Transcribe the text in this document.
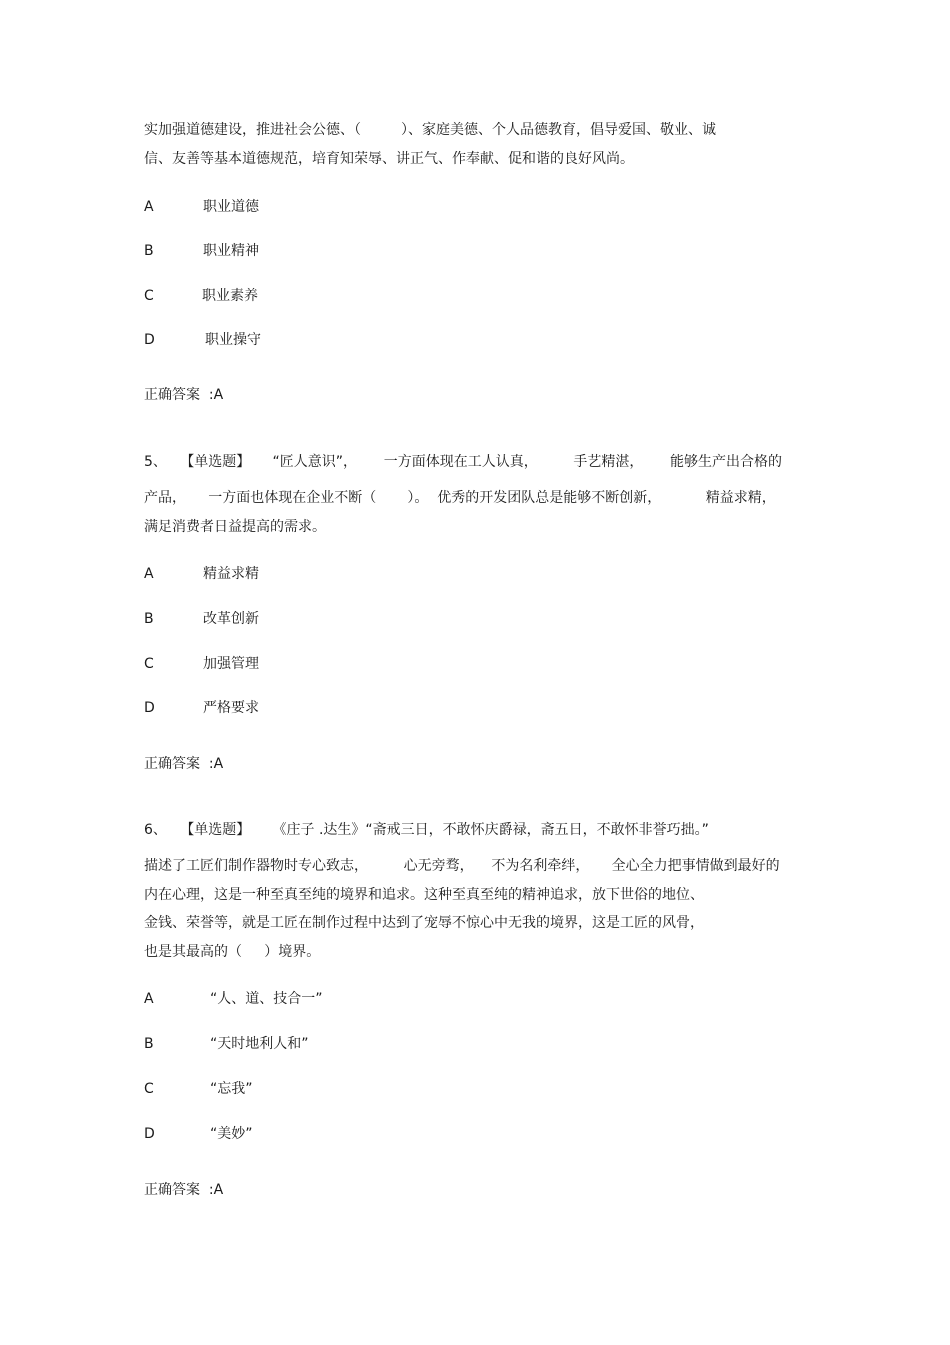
实加强道德建设，推进社会公德、（         ）、家庭美德、个人品德教育，倡导爱国、敬业、诚
信、友善等基本道德规范，培育知荣辱、讲正气、作奉献、促和谐的良好风尚。
A	职业道德
B	职业精神
C	职业素养
D	职业操守
正确答案  :A
5、   【单选题】     “匠人意识”，      一方面体现在工人认真，        手艺精湛，      能够生产出合格的
产品，     一方面也体现在企业不断（       ）。  优秀的开发团队总是能够不断创新，          精益求精，
满足消费者日益提高的需求。
A	精益求精
B	改革创新
C	加强管理
D	严格要求
正确答案  :A
6、   【单选题】     《庄子 .达生》“斋戒三日，不敢怀庆爵禄，斋五日，不敢怀非誉巧拙。”
描述了工匠们制作器物时专心致志，        心无旁骛，    不为名利牵绊，     全心全力把事情做到最好的
内在心理，这是一种至真至纯的境界和追求。这种至真至纯的精神追求，放下世俗的地位、
金钱、荣誉等，就是工匠在制作过程中达到了宠辱不惊心中无我的境界，这是工匠的风骨，
也是其最高的（     ）境界。
A	“人、道、技合一”
B	“天时地利人和”
C	“忘我”
D	“美妙”
正确答案  :A
